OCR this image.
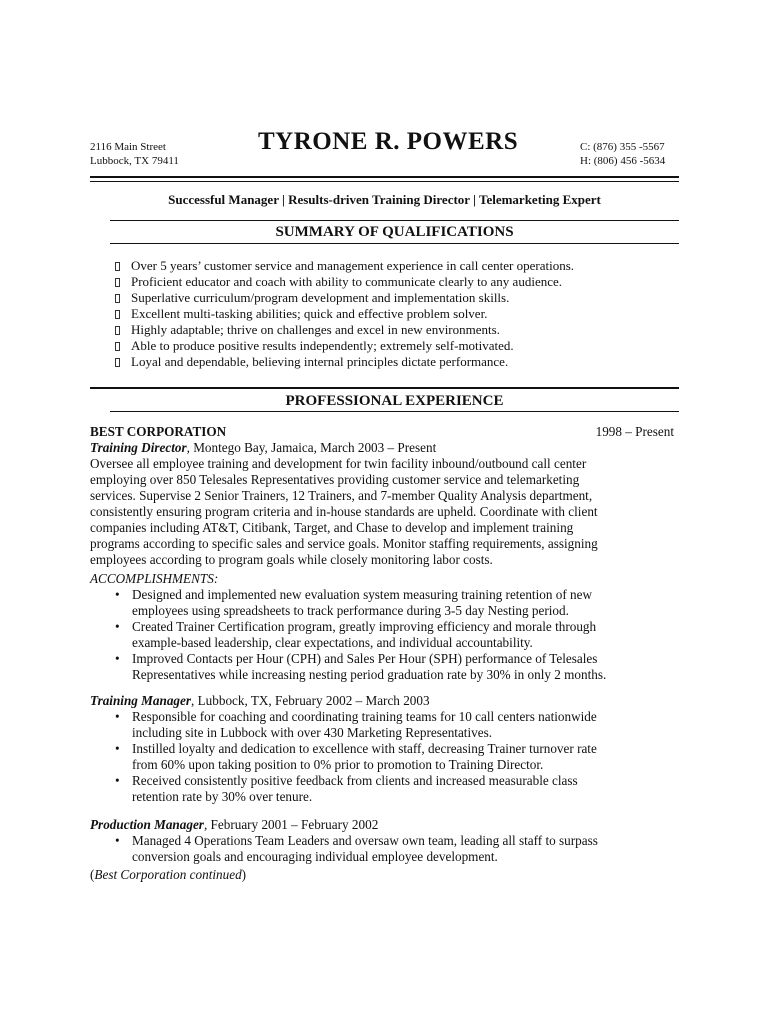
2116 Main Street
Lubbock, TX 79411
TYRONE R. POWERS	C: (876) 355 -5567
H: (806) 456 -5634
Successful Manager | Results-driven Training Director | Telemarketing Expert
SUMMARY OF QUALIFICATIONS
Over 5 years’ customer service and management experience in call center operations.
Proficient educator and coach with ability to communicate clearly to any audience.
Superlative curriculum/program development and implementation skills.
Excellent multi-tasking abilities; quick and effective problem solver.
Highly adaptable; thrive on challenges and excel in new environments.
Able to produce positive results independently; extremely self-motivated.
Loyal and dependable, believing internal principles dictate performance.
PROFESSIONAL EXPERIENCE
BEST CORPORATION	1998 – Present
Training Director, Montego Bay, Jamaica, March 2003 – Present
Oversee all employee training and development for twin facility inbound/outbound call center
employing over 850 Telesales Representatives providing customer service and telemarketing
services. Supervise 2 Senior Trainers, 12 Trainers, and 7-member Quality Analysis department,
consistently ensuring program criteria and in-house standards are upheld. Coordinate with client
companies including AT&T, Citibank, Target, and Chase to develop and implement training
programs according to specific sales and service goals. Monitor staffing requirements, assigning
employees according to program goals while closely monitoring labor costs.
ACCOMPLISHMENTS:
• Designed and implemented new evaluation system measuring training retention of new
employees using spreadsheets to track performance during 3-5 day Nesting period.
• Created Trainer Certification program, greatly improving efficiency and morale through
example-based leadership, clear expectations, and individual accountability.
• Improved Contacts per Hour (CPH) and Sales Per Hour (SPH) performance of Telesales
Representatives while increasing nesting period graduation rate by 30% in only 2 months.
Training Manager, Lubbock, TX, February 2002 – March 2003
• Responsible for coaching and coordinating training teams for 10 call centers nationwide
including site in Lubbock with over 430 Marketing Representatives.
• Instilled loyalty and dedication to excellence with staff, decreasing Trainer turnover rate
from 60% upon taking position to 0% prior to promotion to Training Director.
• Received consistently positive feedback from clients and increased measurable class
retention rate by 30% over tenure.
Production Manager, February 2001 – February 2002
• Managed 4 Operations Team Leaders and oversaw own team, leading all staff to surpass
conversion goals and encouraging individual employee development.
(Best Corporation continued)
